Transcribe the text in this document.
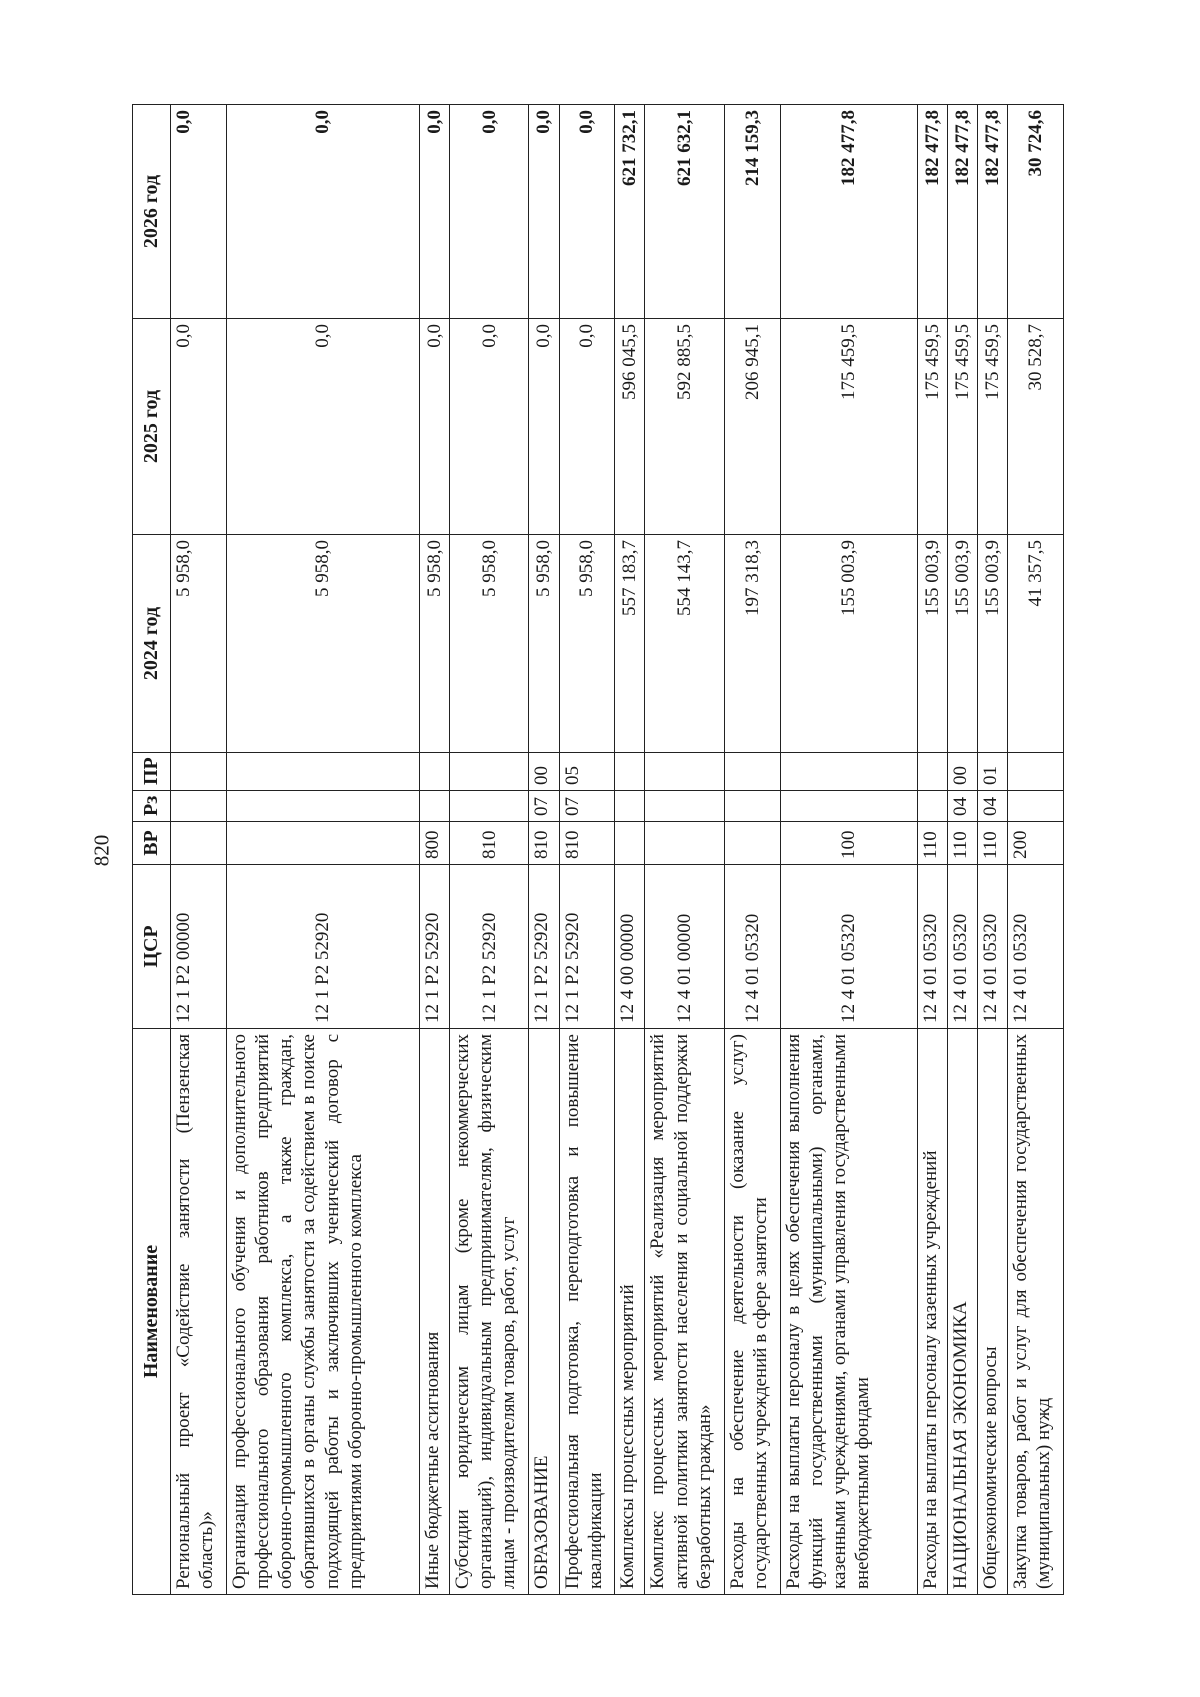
820
Наименование	ЦСР	ВР	Рз	ПР	2024 год	2025 год	2026 год
Региональный проект «Содействие занятости (Пензенская область)»	12 1 Р2 00000				5 958,0	0,0	0,0
Организация профессионального обучения и дополнительного профессионального образования работников предприятий оборонно-промышленного комплекса, а также граждан, обратившихся в органы службы занятости за содействием в поиске подходящей работы и заключивших ученический договор с предприятиями оборонно-промышленного комплекса	12 1 Р2 52920				5 958,0	0,0	0,0
Иные бюджетные ассигнования	12 1 Р2 52920	800			5 958,0	0,0	0,0
Субсидии юридическим лицам (кроме некоммерческих организаций), индивидуальным предпринимателям, физическим лицам - производителям товаров, работ, услуг	12 1 Р2 52920	810			5 958,0	0,0	0,0
ОБРАЗОВАНИЕ	12 1 Р2 52920	810	07	00	5 958,0	0,0	0,0
Профессиональная подготовка, переподготовка и повышение квалификации	12 1 Р2 52920	810	07	05	5 958,0	0,0	0,0
Комплексы процессных мероприятий	12 4 00 00000				557 183,7	596 045,5	621 732,1
Комплекс процессных мероприятий «Реализация мероприятий активной политики занятости населения и социальной поддержки безработных граждан»	12 4 01 00000				554 143,7	592 885,5	621 632,1
Расходы на обеспечение деятельности (оказание услуг) государственных учреждений в сфере занятости	12 4 01 05320				197 318,3	206 945,1	214 159,3
Расходы на выплаты персоналу в целях обеспечения выполнения функций государственными (муниципальными) органами, казенными учреждениями, органами управления государственными внебюджетными фондами	12 4 01 05320	100			155 003,9	175 459,5	182 477,8
Расходы на выплаты персоналу казенных учреждений	12 4 01 05320	110			155 003,9	175 459,5	182 477,8
НАЦИОНАЛЬНАЯ ЭКОНОМИКА	12 4 01 05320	110	04	00	155 003,9	175 459,5	182 477,8
Общеэкономические вопросы	12 4 01 05320	110	04	01	155 003,9	175 459,5	182 477,8
Закупка товаров, работ и услуг для обеспечения государственных (муниципальных) нужд	12 4 01 05320	200			41 357,5	30 528,7	30 724,6
